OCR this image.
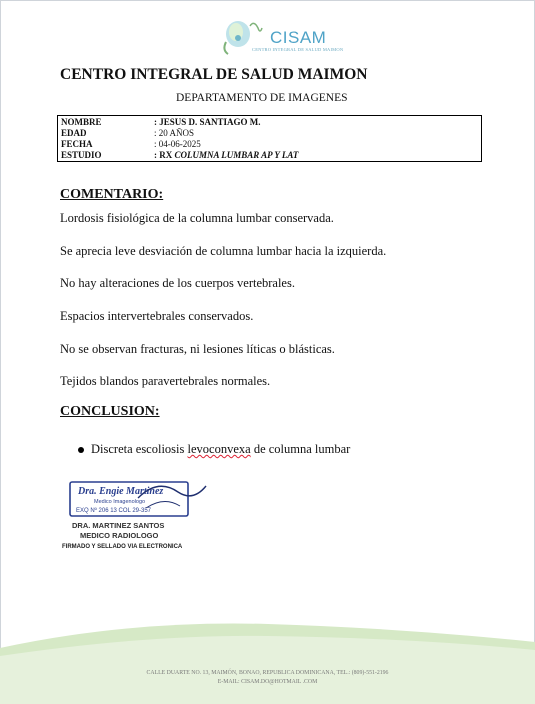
CISAM
CENTRO INTEGRAL DE SALUD MAIMON
CENTRO INTEGRAL DE SALUD MAIMON
DEPARTAMENTO DE IMAGENES
NOMBRE	: JESUS D. SANTIAGO M.
EDAD	: 20 AÑOS
FECHA	: 04-06-2025
ESTUDIO	: RX COLUMNA LUMBAR AP Y LAT
COMENTARIO:
Lordosis fisiológica de la columna lumbar conservada.
Se aprecia leve desviación de columna lumbar hacia la izquierda.
No hay alteraciones de los cuerpos vertebrales.
Espacios intervertebrales conservados.
No se observan fracturas, ni lesiones líticas o blásticas.
Tejidos blandos paravertebrales normales.
CONCLUSION:
Discreta escoliosis levoconvexa de columna lumbar
Dra. Engie Martinez
Medico Imagenologo
EXQ Nº 206 13 COL 29-357
DRA. MARTINEZ SANTOS
MEDICO RADIOLOGO
FIRMADO Y SELLADO VIA ELECTRONICA
CALLE DUARTE NO. 13, MAIMÓN, BONAO, REPUBLICA DOMINICANA, TEL.: (809)-551-2196
E-MAIL: CISAM.DO@HOTMAIL .COM
